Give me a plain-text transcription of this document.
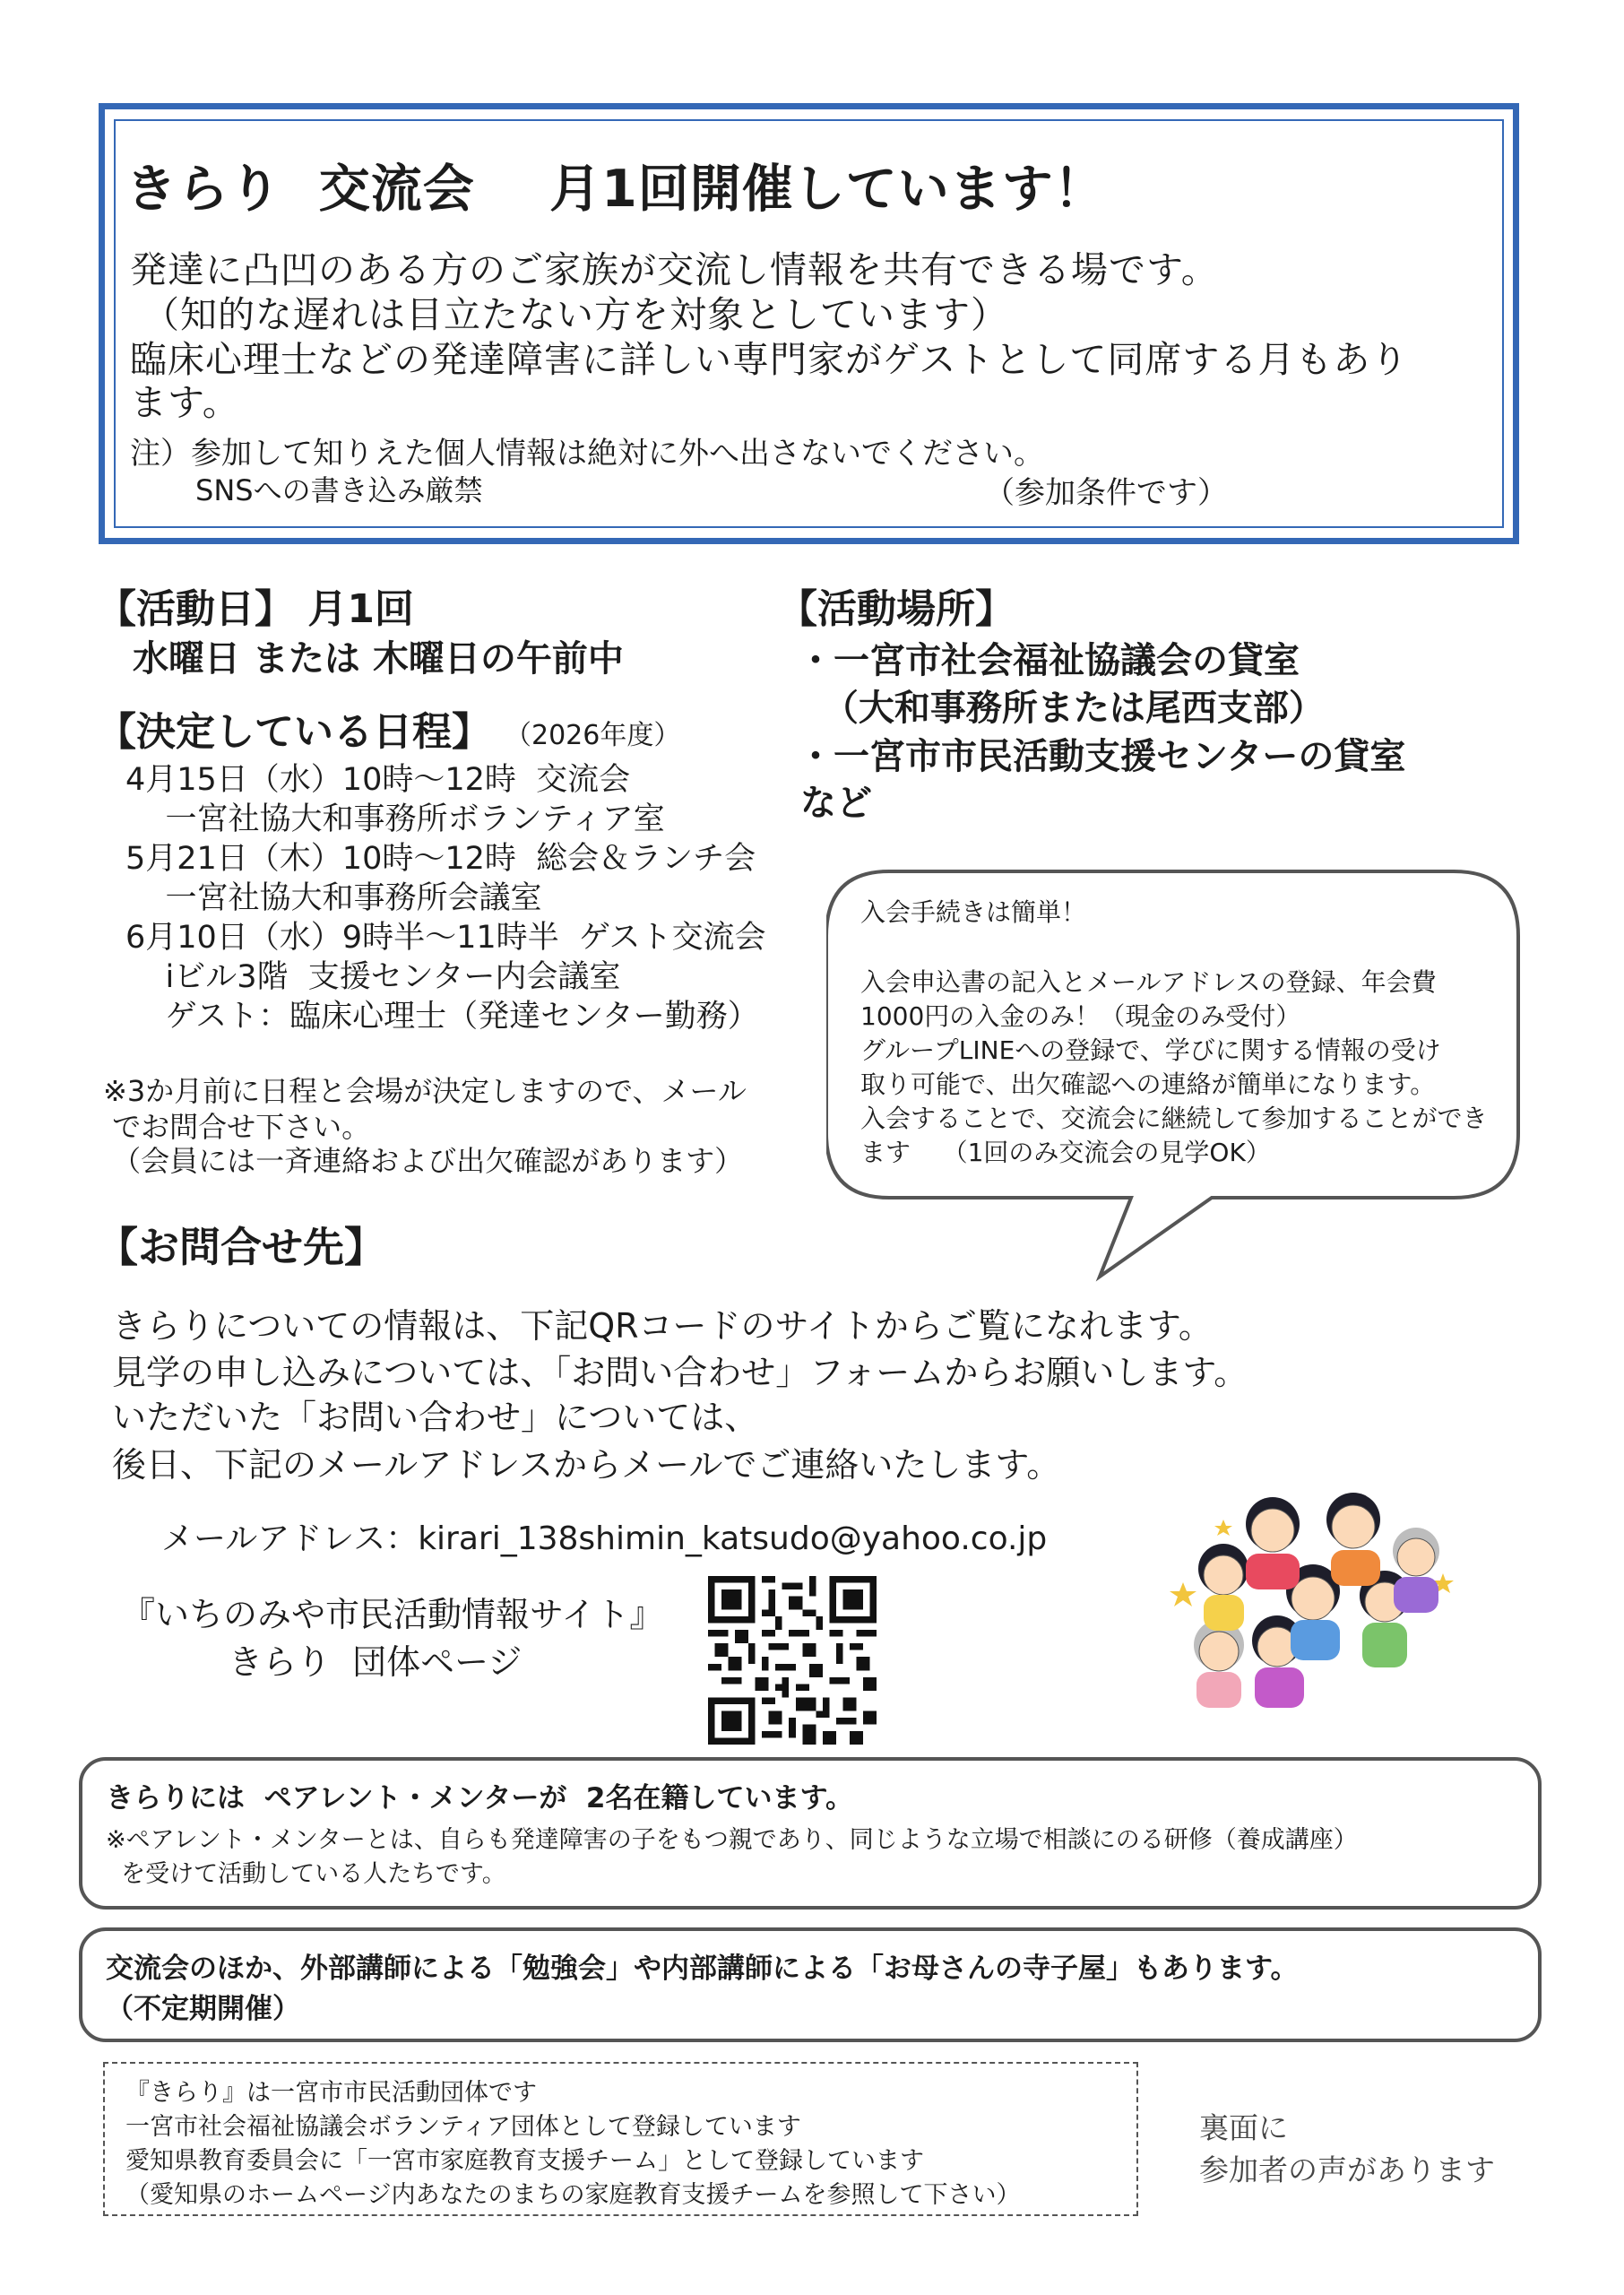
きらり  交流会    月1回開催しています！
発達に凸凹のある方のご家族が交流し情報を共有できる場です。
（知的な遅れは目立たない方を対象としています）
臨床心理士などの発達障害に詳しい専門家がゲストとして同席する月もあり
ます。
注）参加して知りえた個人情報は絶対に外へ出さないでください。
SNSへの書き込み厳禁	（参加条件です）
【活動日】 月1回
水曜日 または 木曜日の午前中
【決定している日程】 （2026年度）
4月15日（水）10時～12時  交流会
一宮社協大和事務所ボランティア室
5月21日（木）10時～12時  総会＆ランチ会
一宮社協大和事務所会議室
6月10日（水）9時半～11時半  ゲスト交流会
iビル3階  支援センター内会議室
ゲスト：臨床心理士（発達センター勤務）
※3か月前に日程と会場が決定しますので、メール
でお問合せ下さい。
（会員には一斉連絡および出欠確認があります）
【活動場所】
・一宮市社会福祉協議会の貸室
（大和事務所または尾西支部）
・一宮市市民活動支援センターの貸室
など
入会手続きは簡単！
入会申込書の記入とメールアドレスの登録、年会費
1000円の入金のみ！（現金のみ受付）
グループLINEへの登録で、学びに関する情報の受け
取り可能で、出欠確認への連絡が簡単になります。
入会することで、交流会に継続して参加することができ
ます    （1回のみ交流会の見学OK）
【お問合せ先】
きらりについての情報は、下記QRコードのサイトからご覧になれます。
見学の申し込みについては、「お問い合わせ」フォームからお願いします。
いただいた「お問い合わせ」については、
後日、下記のメールアドレスからメールでご連絡いたします。
メールアドレス：kirari_138shimin_katsudo@yahoo.co.jp
『いちのみや市民活動情報サイト』
きらり  団体ページ
きらりには  ペアレント・メンターが  2名在籍しています。
※ペアレント・メンターとは、自らも発達障害の子をもつ親であり、同じような立場で相談にのる研修（養成講座）
を受けて活動している人たちです。
交流会のほか、外部講師による「勉強会」や内部講師による「お母さんの寺子屋」もあります。
（不定期開催）
『きらり』は一宮市市民活動団体です
一宮市社会福祉協議会ボランティア団体として登録しています
愛知県教育委員会に「一宮市家庭教育支援チーム」として登録しています
（愛知県のホームページ内あなたのまちの家庭教育支援チームを参照して下さい）
裏面に
参加者の声があります
